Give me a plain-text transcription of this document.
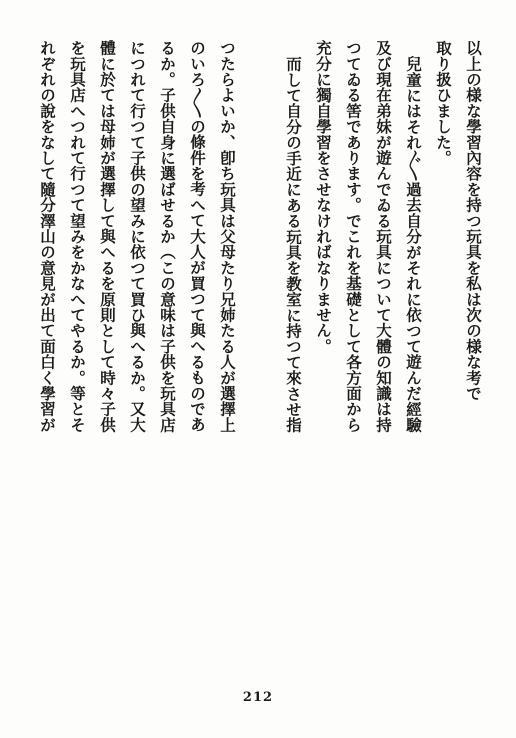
以上の様な學習內容を持つ玩具を私は次の様な考で
取り扱ひました。
兒童にはそれ〴〵過去自分がそれに依つて遊んだ經驗
及び現在弟妹が遊んでゐる玩具について大體の知識は持
つてゐる筈であります。でこれを基礎として各方面から
充分に獨自學習をさせなければなりません。
而して自分の手近にある玩具を教室に持つて來させ指
つたらよいか、卽ち玩具は父母たり兄姉たる人が選擇上
のいろ〳〵の條件を考へて大人が買つて與へるものであ
るか。子供自身に選ばせるか（この意味は子供を玩具店
につれて行つて子供の望みに依つて買ひ與へるか。又大
體に於ては母姉が選擇して與へるを原則として時々子供
を玩具店へつれて行つて望みをかなへてやるか。等とそ
れぞれの說をなして隨分澤山の意見が出て面白く學習が
212
